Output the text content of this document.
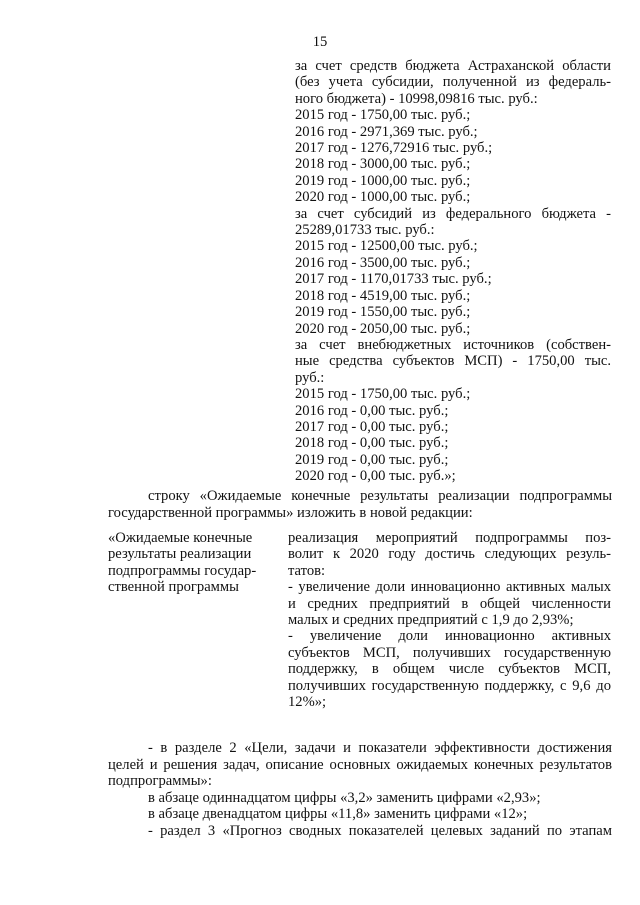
15
за счет средств бюджета Астраханской области
(без учета субсидии, полученной из федераль-
ного бюджета) - 10998,09816 тыс. руб.:
2015 год - 1750,00 тыс. руб.;
2016 год - 2971,369 тыс. руб.;
2017 год - 1276,72916 тыс. руб.;
2018 год - 3000,00 тыс. руб.;
2019 год - 1000,00 тыс. руб.;
2020 год - 1000,00 тыс. руб.;
за счет субсидий из федерального бюджета -
25289,01733 тыс. руб.:
2015 год - 12500,00 тыс. руб.;
2016 год - 3500,00 тыс. руб.;
2017 год - 1170,01733 тыс. руб.;
2018 год - 4519,00 тыс. руб.;
2019 год - 1550,00 тыс. руб.;
2020 год - 2050,00 тыс. руб.;
за счет внебюджетных источников (собствен-
ные средства субъектов МСП) - 1750,00 тыс.
руб.:
2015 год - 1750,00 тыс. руб.;
2016 год - 0,00 тыс. руб.;
2017 год - 0,00 тыс. руб.;
2018 год - 0,00 тыс. руб.;
2019 год - 0,00 тыс. руб.;
2020 год - 0,00 тыс. руб.»;
строку «Ожидаемые конечные результаты реализации подпрограммы государственной программы» изложить в новой редакции:
«Ожидаемые конечные
результаты реализации
подпрограммы государ-
ственной программы
реализация мероприятий подпрограммы поз-
волит к 2020 году достичь следующих резуль-
татов:
- увеличение доли инновационно активных малых и средних предприятий в общей численности малых и средних предприятий с 1,9 до 2,93%;
- увеличение доли инновационно активных субъектов МСП, получивших государственную поддержку, в общем числе субъектов МСП, получивших государственную поддержку, с 9,6 до 12%»;
- в разделе 2 «Цели, задачи и показатели эффективности достижения
целей и решения задач, описание основных ожидаемых конечных результатов
подпрограммы»:
в абзаце одиннадцатом цифры «3,2» заменить цифрами «2,93»;
в абзаце двенадцатом цифры «11,8» заменить цифрами «12»;
- раздел 3 «Прогноз сводных показателей целевых заданий по этапам
